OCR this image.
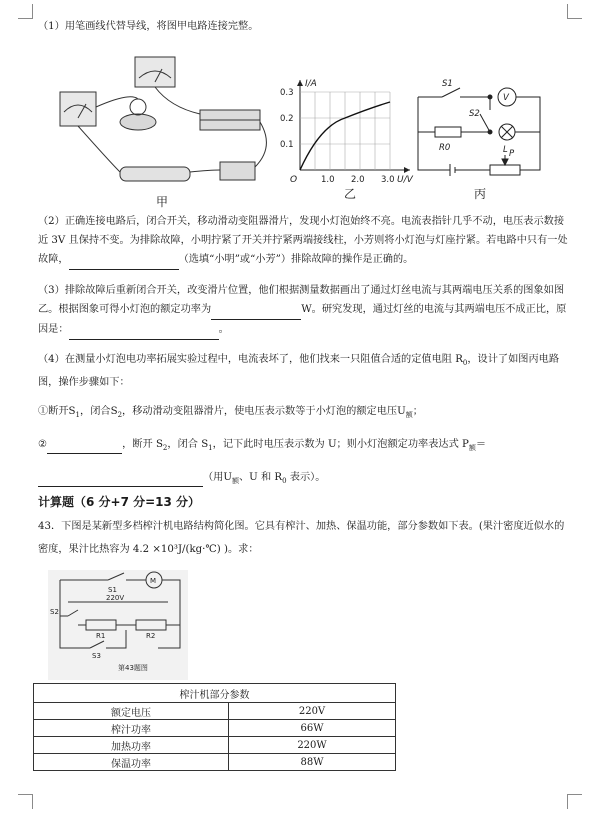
（1）用笔画线代替导线，将图甲电路连接完整。
甲
I/A
U/V
O
0.3
0.2
0.1
1.0 2.0 3.0
乙
S1
S2
V
R0	L P
丙
（2）正确连接电路后，闭合开关，移动滑动变阻器滑片，发现小灯泡始终不亮。电流表指针几乎不动，电压表示数接近 3V 且保持不变。为排除故障，小明拧紧了开关并拧紧两端接线柱，小芳则将小灯泡与灯座拧紧。若电路中只有一处故障，	（选填“小明”或“小芳”）排除故障的操作是正确的。
（3）排除故障后重新闭合开关，改变滑片位置，他们根据测量数据画出了通过灯丝电流与其两端电压关系的图象如图乙。根据图象可得小灯泡的额定功率为	W。研究发现，通过灯丝的电流与其两端电压不成正比，原因是：	。
（4）在测量小灯泡电功率拓展实验过程中，电流表坏了，他们找来一只阻值合适的定值电阻 $R_0$，设计了如图丙电路图，操作步骤如下：
①断开$S_1$，闭合$S_2$，移动滑动变阻器滑片，使电压表示数等于小灯泡的额定电压$U_额$；
②	，断开 $S_2$，闭合 $S_1$，记下此时电压表示数为 U；则小灯泡额定功率表达式 $P_额=$
（用$U_额$、U 和 $R_0$ 表示）。
计算题（6 分+7 分=13 分）
43．下图是某新型多档榨汁机电路结构简化图。它具有榨汁、加热、保温功能，部分参数如下表。(果汁密度近似水的密度，果汁比热容为 4.2 ×10³J/(kg·℃) )。求：
M
S1
220V
S2
R1	R2
S3
第43题图
榨汁机部分参数	
额定电压	220V
榨汁功率	66W
加热功率	220W
保温功率	88W
